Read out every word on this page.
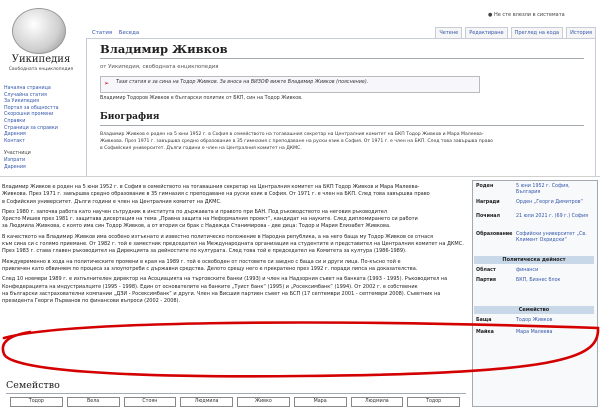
Уикипедия
Свободната енциклопедия
Начална страница
Случайна статия
За Уикипедия
Портал за общността
Скорошни промени
Справки
Страници за справки
Дарения
Контакт
Участници
Изпрати
Дарения
● Не сте влезли в системата
Статия Беседа	Четене	Редактиране	Преглед на кода	История
Владимир Живков
от Уикипедия, свободната енциклопедия
➢	Тази статия е за сина на Тодор Живков. За вноса на ВИЗОФ вижте Владимир Живков (пояснение).
Владимир Тодоров Живков е български политик от БКП, син на Тодор Живков.
Биография
Владимир Живков е роден на 5 юни 1952 г. в София в семейството на тогавашния секретар на Централния комитет на БКП Тодор Живков и Мара Малеева-
Живкова. През 1971 г. завършва средно образование в 35 гимназия с преподаване на руски език в София. От 1971 г. е член на БКП. След това завършва право
в Софийския университет. Дълги години е член на Централния комитет на ДКМС.
Владимир Живков е роден на 5 юни 1952 г. в София в семейството на тогавашния секретар на Централния комитет на БКП Тодор Живков и Мара Малеева-
Живкова. През 1971 г. завършва средно образование в 35 гимназия с преподаване на руски език в София. От 1971 г. е член на БКП. След това завършва право
в Софийския университет. Дълги години е член на Централния комитет на ДКМС.
През 1980 г. започва работа като научен сътрудник в института по държавата и правото при БАН. Под ръководството на неговия ръководител
Христо Мишев през 1981 г. защитава дисертация на тема „Правна защита на Неформалния проект“, кандидат на науките. След дипломирането си работи
за Людмила Живкова, с която има син Тодор Живков, а от втория си брак с Надежда Станимирова - две деца: Тодор и Мария Елизабет Живкова.
В качеството на Владимир Живков има особено изтъкнато и известно политическо положение в Народна република, а на него баща му Тодор Живков се отнася
към сина си с голямо приемане. От 1982 г. той е заместник председател на Международната организация на студентите и представител на Централния комитет на ДКМС.
През 1983 г. става главен ръководител на Дирекцията за дейностите по културата. След това той е председател на Комитета за култура (1986-1989).
Междувременно в хода на политическите промени в края на 1989 г. той е освободен от постовете си заедно с баща си и други лица. По-късно той е
привлечен като обвиняем по процеса за злоупотреби с държавни средства. Делото срещу него е прекратено през 1992 г. поради липса на доказателства.
След 10 ноември 1989 г. е изпълнителен директор на Асоциацията на търговските банки (1993) и член на Надзорния съвет на банката (1993 - 1995). Ръководител на
Конфедерацията на индустриалците (1995 - 1998). Един от основателите на банките „Туист банк“ (1995) и „Росексимбанк“ (1994). От 2002 г. е собственик
на български застрахователни компании „ДЗИ - Росексимбанк“ и други. Член на Висшия партиен съвет на БСП (17 септември 2001 - септември 2008). Съветник на
президента Георги Първанов по финансови въпроси (2002 - 2008).
Семейство
Тодор	Вела	Стоян	Людмила	Живко	Мара	Людмила	Тодор
Роден	5 юни 1952 г. София, България
Награди	Орден „Георги Димитров“
Починал	21 юли 2021 г. (69 г.) София
Образование Софийски университет „Св. Климент Охридски“
Политическа дейност
Област	финанси
Партия	БКП, Бизнес блок
Семейство
Баща	Тодор Живков
Майка	Мара Малеева
